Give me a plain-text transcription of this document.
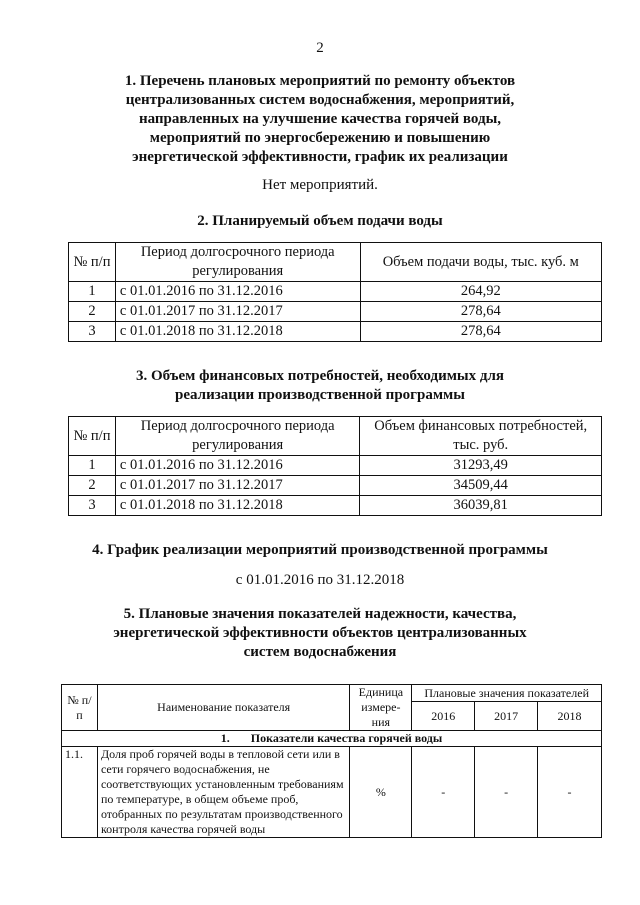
2
1. Перечень плановых мероприятий по ремонту объектов
централизованных систем водоснабжения, мероприятий,
направленных на улучшение качества горячей воды,
мероприятий по энергосбережению и повышению
энергетической эффективности, график их реализации
Нет мероприятий.
2. Планируемый объем подачи воды
№ п/п	Период долгосрочного периода регулирования	Объем подачи воды, тыс. куб. м
1	с 01.01.2016 по 31.12.2016	264,92
2	с 01.01.2017 по 31.12.2017	278,64
3	с 01.01.2018 по 31.12.2018	278,64
3. Объем финансовых потребностей, необходимых для
реализации производственной программы
№ п/п	Период долгосрочного периода регулирования	Объем финансовых потребностей, тыс. руб.
1	с 01.01.2016 по 31.12.2016	31293,49
2	с 01.01.2017 по 31.12.2017	34509,44
3	с 01.01.2018 по 31.12.2018	36039,81
4. График реализации мероприятий производственной программы
с 01.01.2016 по 31.12.2018
5. Плановые значения показателей надежности, качества,
энергетической эффективности объектов централизованных
систем водоснабжения
№ п/п	Наименование показателя	Единица измере-ния	Плановые значения показателей		
			2016	2017	2018
1. Показатели качества горячей воды					
1.1.	Доля проб горячей воды в тепловой сети или в сети горячего водоснабжения, не соответствующих установленным требованиям по температуре, в общем объеме проб, отобранных по результатам производственного контроля качества горячей воды	%	-	-	-
